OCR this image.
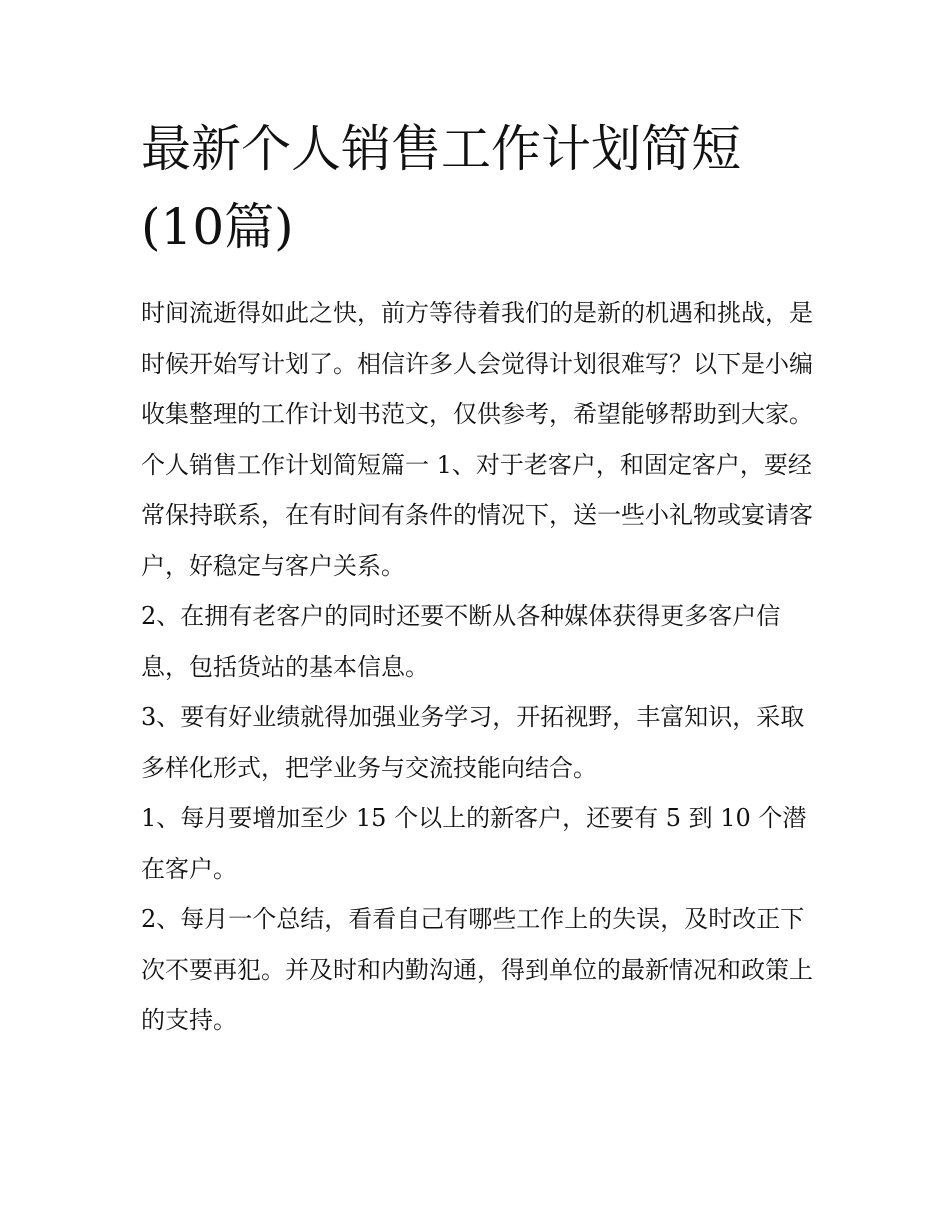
最新个人销售工作计划简短(10篇)

时间流逝得如此之快，前方等待着我们的是新的机遇和挑战，是时候开始写计划了。相信许多人会觉得计划很难写？以下是小编收集整理的工作计划书范文，仅供参考，希望能够帮助到大家。

个人销售工作计划简短篇一 1、对于老客户，和固定客户，要经常保持联系，在有时间有条件的情况下，送一些小礼物或宴请客户，好稳定与客户关系。

2、在拥有老客户的同时还要不断从各种媒体获得更多客户信息，包括货站的基本信息。

3、要有好业绩就得加强业务学习，开拓视野，丰富知识，采取多样化形式，把学业务与交流技能向结合。

1、每月要增加至少 15 个以上的新客户，还要有 5 到 10 个潜在客户。

2、每月一个总结，看看自己有哪些工作上的失误，及时改正下次不要再犯。并及时和内勤沟通，得到单位的最新情况和政策上的支持。
